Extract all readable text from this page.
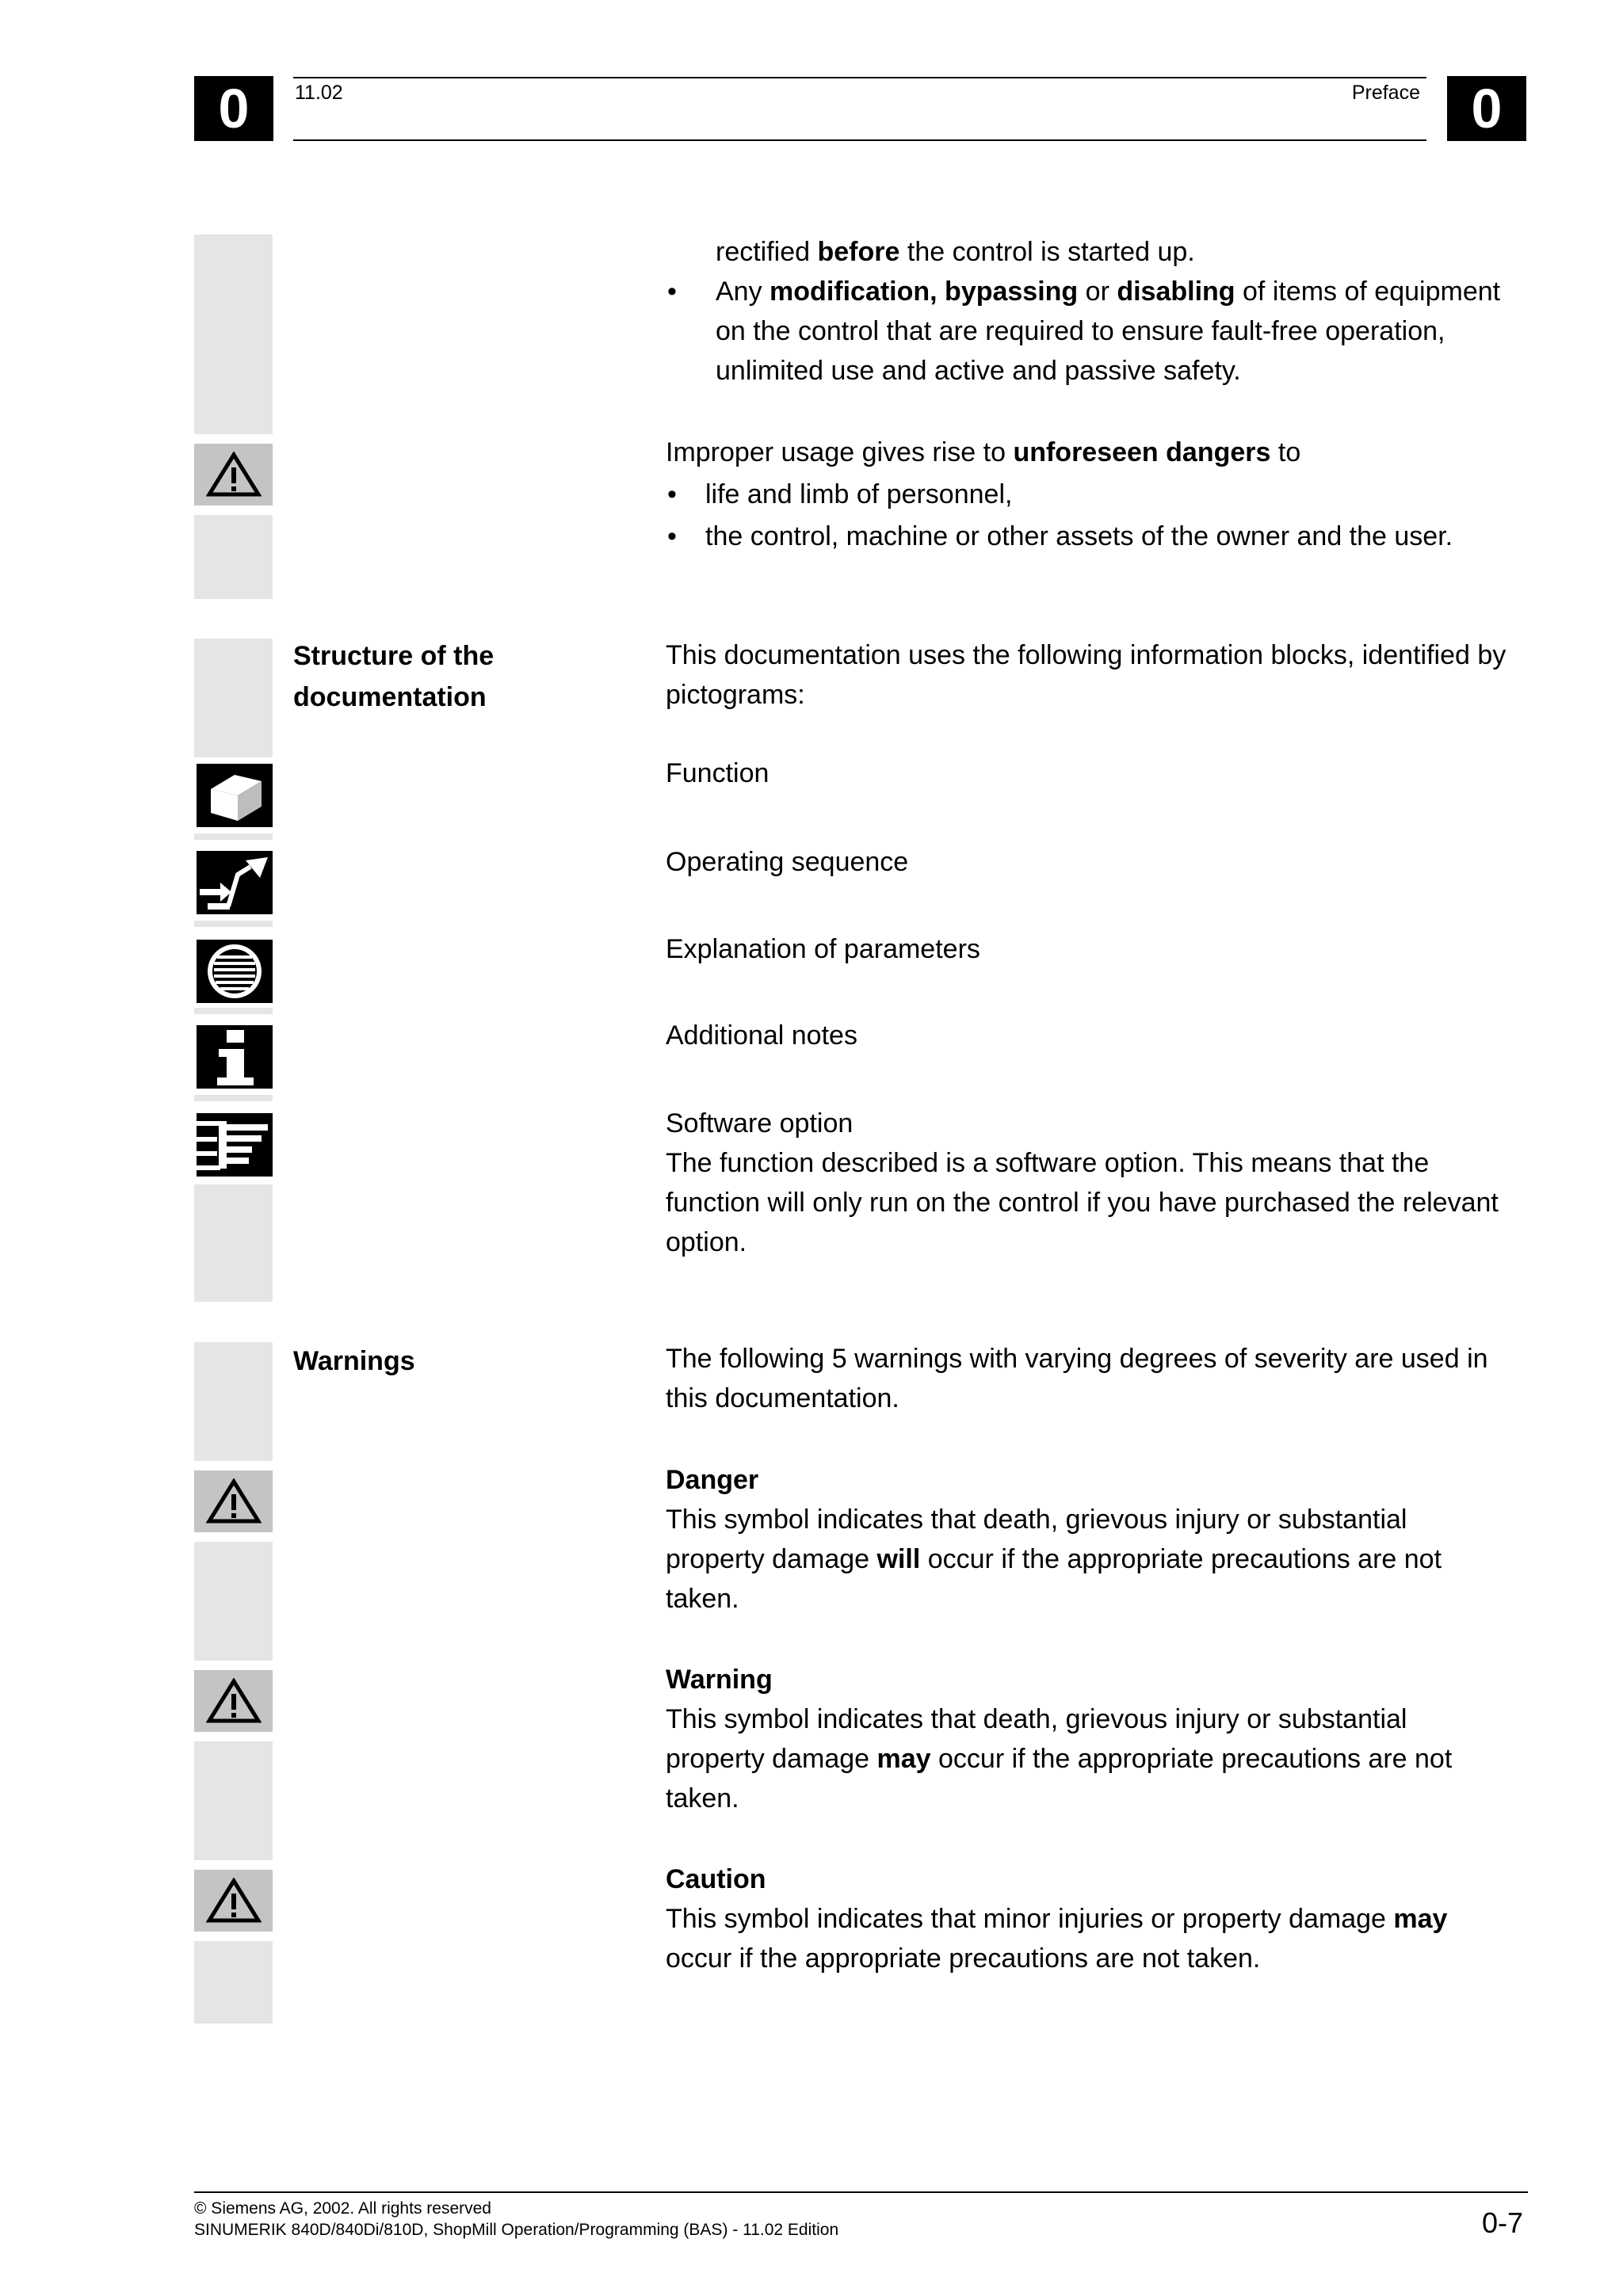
0	11.02	Preface 0
rectified before the control is started up.
• Any modification, bypassing or disabling of items of equipment
on the control that are required to ensure fault-free operation,
unlimited use and active and passive safety.
Improper usage gives rise to unforeseen dangers to
• life and limb of personnel,
• the control, machine or other assets of the owner and the user.
Structure of the
documentation
This documentation uses the following information blocks, identified by
pictograms:
Function
Operating sequence
Explanation of parameters
Additional notes
Software option
The function described is a software option. This means that the
function will only run on the control if you have purchased the relevant
option.
Warnings	The following 5 warnings with varying degrees of severity are used in
this documentation.
Danger
This symbol indicates that death, grievous injury or substantial
property damage will occur if the appropriate precautions are not
taken.
Warning
This symbol indicates that death, grievous injury or substantial
property damage may occur if the appropriate precautions are not
taken.
Caution
This symbol indicates that minor injuries or property damage may
occur if the appropriate precautions are not taken.
© Siemens AG, 2002. All rights reserved
SINUMERIK 840D/840Di/810D, ShopMill Operation/Programming (BAS) - 11.02 Edition	0-7
